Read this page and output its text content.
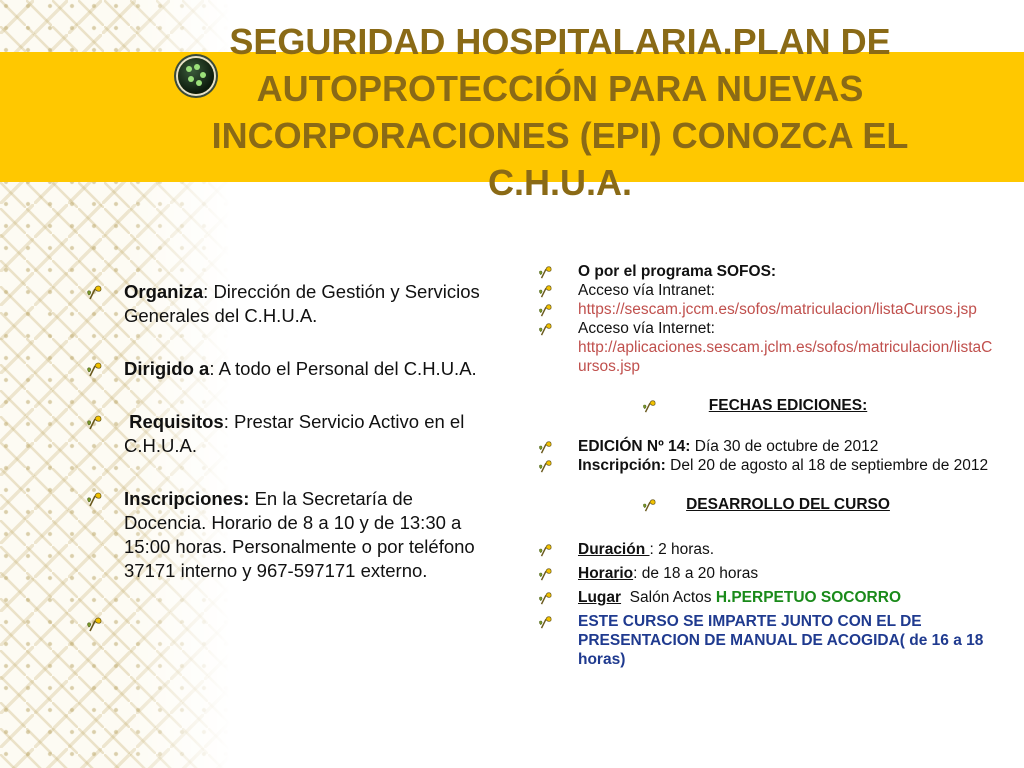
SEGURIDAD HOSPITALARIA.PLAN DE AUTOPROTECCIÓN PARA NUEVAS INCORPORACIONES (EPI) CONOZCA EL C.H.U.A.
Organiza: Dirección de Gestión y Servicios Generales del C.H.U.A.
Dirigido a: A todo el Personal del C.H.U.A.
Requisitos: Prestar Servicio Activo en el C.H.U.A.
Inscripciones: En la Secretaría de Docencia. Horario de 8 a 10 y de 13:30 a 15:00 horas. Personalmente o por teléfono 37171 interno y 967-597171 externo.
O por el programa SOFOS:
Acceso vía Intranet:
https://sescam.jccm.es/sofos/matriculacion/listaCursos.jsp
Acceso vía Internet:
http://aplicaciones.sescam.jclm.es/sofos/matriculacion/listaCursos.jsp
FECHAS EDICIONES:
EDICIÓN Nº 14: Día 30 de octubre de 2012
Inscripción: Del 20 de agosto al 18 de septiembre de 2012
DESARROLLO DEL CURSO
Duración : 2 horas.
Horario: de 18 a 20 horas
Lugar  Salón Actos H.PERPETUO SOCORRO
ESTE CURSO SE IMPARTE JUNTO CON EL DE PRESENTACION DE MANUAL DE ACOGIDA( de 16 a 18 horas)
